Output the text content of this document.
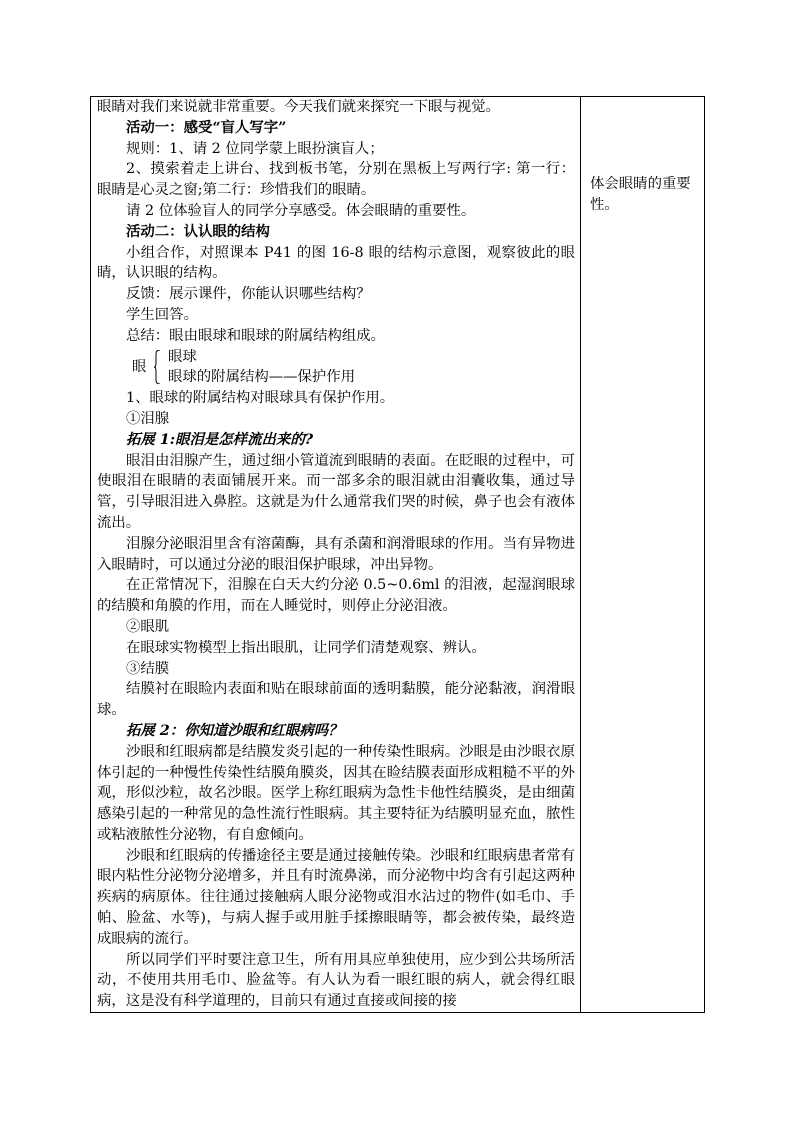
眼睛对我们来说就非常重要。今天我们就来探究一下眼与视觉。

活动一：感受“盲人写字”

规则：1、请 2 位同学蒙上眼扮演盲人；

2、摸索着走上讲台、找到板书笔，分别在黑板上写两行字: 第一行：眼睛是心灵之窗;第二行：珍惜我们的眼睛。

请 2 位体验盲人的同学分享感受。体会眼睛的重要性。

活动二：认认眼的结构

小组合作，对照课本 P41 的图 16-8 眼的结构示意图，观察彼此的眼睛，认识眼的结构。

反馈：展示课件，你能认识哪些结构？

学生回答。

总结：眼由眼球和眼球的附属结构组成。

眼
眼球
眼球的附属结构——保护作用

1、眼球的附属结构对眼球具有保护作用。

①泪腺

拓展 1:眼泪是怎样流出来的?

眼泪由泪腺产生，通过细小管道流到眼睛的表面。在眨眼的过程中，可使眼泪在眼睛的表面铺展开来。而一部多余的眼泪就由泪囊收集，通过导管，引导眼泪进入鼻腔。这就是为什么通常我们哭的时候，鼻子也会有液体流出。

泪腺分泌眼泪里含有溶菌酶，具有杀菌和润滑眼球的作用。当有异物进入眼睛时，可以通过分泌的眼泪保护眼球，冲出异物。

在正常情况下，泪腺在白天大约分泌 0.5~0.6ml 的泪液，起湿润眼球的结膜和角膜的作用，而在人睡觉时，则停止分泌泪液。

②眼肌

在眼球实物模型上指出眼肌，让同学们清楚观察、辨认。

③结膜

结膜衬在眼睑内表面和贴在眼球前面的透明黏膜，能分泌黏液，润滑眼球。

拓展 2：你知道沙眼和红眼病吗？

沙眼和红眼病都是结膜发炎引起的一种传染性眼病。沙眼是由沙眼衣原体引起的一种慢性传染性结膜角膜炎，因其在睑结膜表面形成粗糙不平的外观，形似沙粒，故名沙眼。医学上称红眼病为急性卡他性结膜炎，是由细菌感染引起的一种常见的急性流行性眼病。其主要特征为结膜明显充血，脓性或粘液脓性分泌物，有自愈倾向。

沙眼和红眼病的传播途径主要是通过接触传染。沙眼和红眼病患者常有眼内粘性分泌物分泌增多，并且有时流鼻涕，而分泌物中均含有引起这两种疾病的病原体。往往通过接触病人眼分泌物或泪水沾过的物件(如毛巾、手帕、脸盆、水等)，与病人握手或用脏手揉擦眼睛等，都会被传染，最终造成眼病的流行。

所以同学们平时要注意卫生，所有用具应单独使用，应少到公共场所活动，不使用共用毛巾、脸盆等。有人认为看一眼红眼的病人，就会得红眼病，这是没有科学道理的，目前只有通过直接或间接的接

体会眼睛的重要性。
